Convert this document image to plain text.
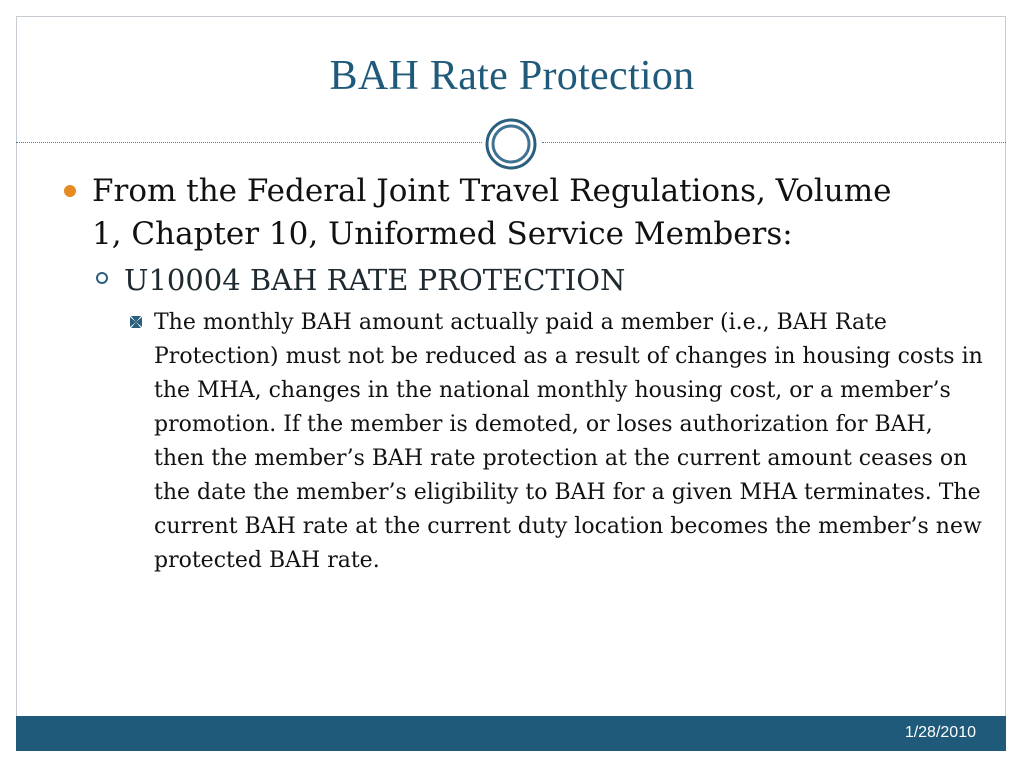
BAH Rate Protection
From the Federal Joint Travel Regulations, Volume 1, Chapter 10, Uniformed Service Members:
U10004 BAH RATE PROTECTION
The monthly BAH amount actually paid a member (i.e., BAH Rate Protection) must not be reduced as a result of changes in housing costs in the MHA, changes in the national monthly housing cost, or a member’s promotion. If the member is demoted, or loses authorization for BAH, then the member’s BAH rate protection at the current amount ceases on the date the member’s eligibility to BAH for a given MHA terminates. The current BAH rate at the current duty location becomes the member’s new protected BAH rate.
1/28/2010
